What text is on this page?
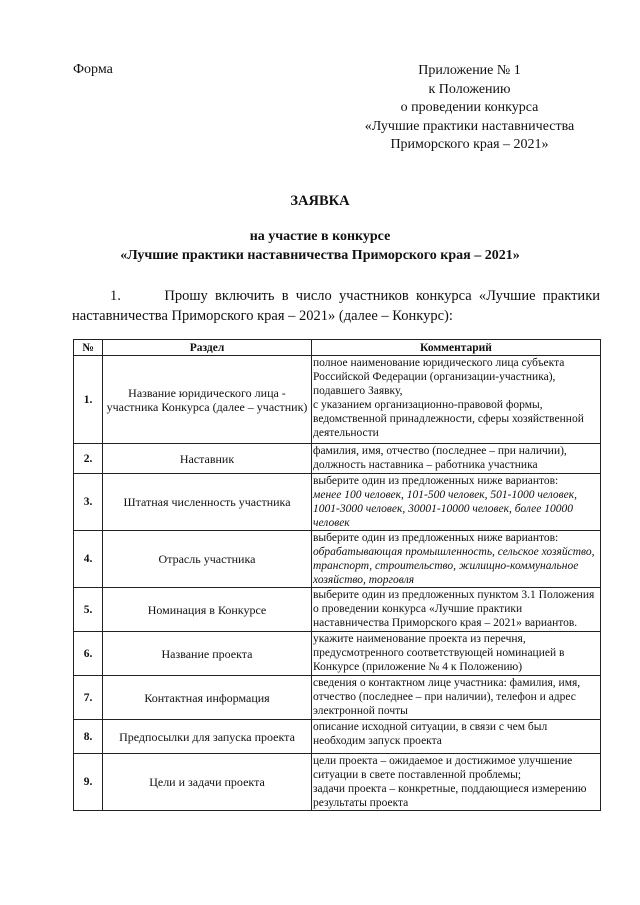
Форма	Приложение № 1
к Положению
о проведении конкурса
«Лучшие практики наставничества
Приморского края – 2021»
ЗАЯВКА
на участие в конкурсе
«Лучшие практики наставничества Приморского края – 2021»
1.      Прошу включить в число участников конкурса «Лучшие практики наставничества Приморского края – 2021» (далее – Конкурс):
№	Раздел	Комментарий
1.	Название юридического лица - участника Конкурса (далее – участник)	полное наименование юридического лица субъекта Российской Федерации (организации-участника), подавшего Заявку,
с указанием организационно-правовой формы, ведомственной принадлежности, сферы хозяйственной деятельности

2.	Наставник	фамилия, имя, отчество (последнее – при наличии), должность наставника – работника участника

3.	Штатная численность участника	выберите один из предложенных ниже вариантов:
менее 100 человек, 101-500 человек, 501-1000 человек, 1001-3000 человек, 30001-10000 человек, более 10000 человек

4.	Отрасль участника	выберите один из предложенных ниже вариантов:
обрабатывающая промышленность, сельское хозяйство, транспорт, строительство, жилищно-коммунальное хозяйство, торговля

5.	Номинация в Конкурсе	выберите один из предложенных пунктом 3.1 Положения о проведении конкурса «Лучшие практики наставничества Приморского края – 2021» вариантов.

6.	Название проекта	укажите наименование проекта из перечня, предусмотренного соответствующей номинацией в Конкурсе (приложение № 4 к Положению)

7.	Контактная информация	сведения о контактном лице участника: фамилия, имя, отчество (последнее – при наличии), телефон и адрес электронной почты

8.	Предпосылки для запуска проекта	описание исходной ситуации, в связи с чем был необходим запуск проекта

9.	Цели и задачи проекта	цели проекта – ожидаемое и достижимое улучшение ситуации в свете поставленной проблемы;
задачи проекта – конкретные, поддающиеся измерению результаты проекта
